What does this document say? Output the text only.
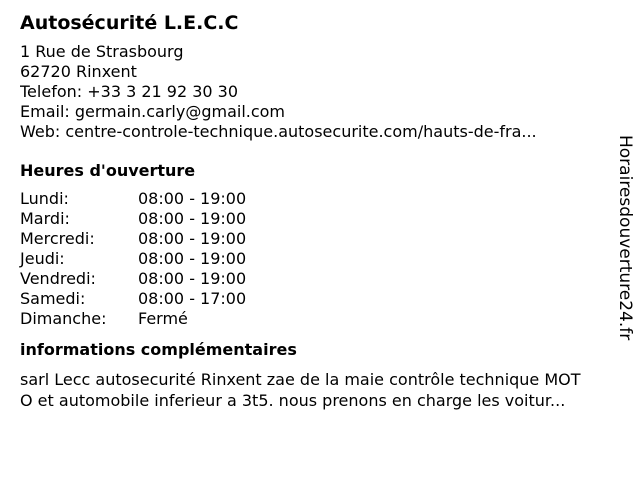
Autosécurité L.E.C.C
1 Rue de Strasbourg
62720 Rinxent
Telefon: +33 3 21 92 30 30
Email: germain.carly@gmail.com
Web: centre-controle-technique.autosecurite.com/hauts-de-fra...
Heures d'ouverture
Lundi:	08:00 - 19:00
Mardi:	08:00 - 19:00
Mercredi:	08:00 - 19:00
Jeudi:	08:00 - 19:00
Vendredi:	08:00 - 19:00
Samedi:	08:00 - 17:00
Dimanche: Fermé
informations complémentaires
sarl Lecc autosecurité Rinxent zae de la maie contrôle technique MOT
O et automobile inferieur a 3t5. nous prenons en charge les voitur...
Horairesdouverture24.fr
